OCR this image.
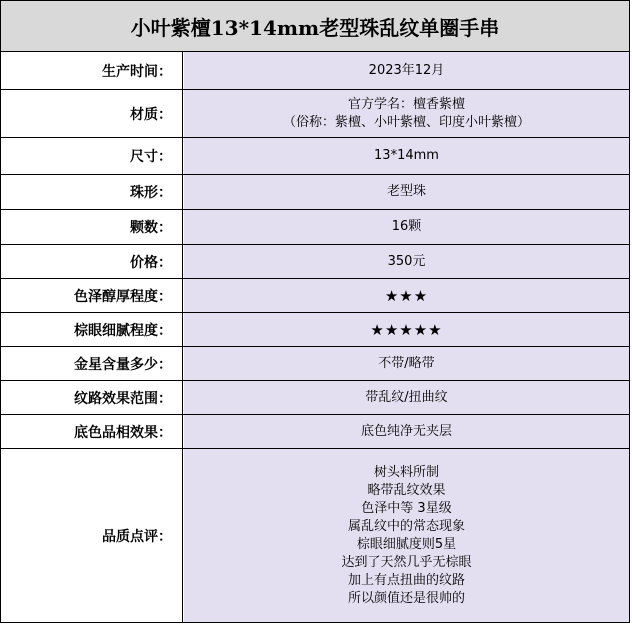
小叶紫檀13*14mm老型珠乱纹单圈手串
生产时间：	2023年12月
材质：
官方学名：檀香紫檀
（俗称：紫檀、小叶紫檀、印度小叶紫檀）
尺寸：	13*14mm
珠形：	老型珠
颗数：	16颗
价格：	350元
色泽醇厚程度：	★★★
棕眼细腻程度：	★★★★★
金星含量多少：	不带/略带
纹路效果范围：	带乱纹/扭曲纹
底色品相效果：	底色纯净无夹层
品质点评：
树头料所制
略带乱纹效果
色泽中等 3星级
属乱纹中的常态现象
棕眼细腻度则5星
达到了天然几乎无棕眼
加上有点扭曲的纹路
所以颜值还是很帅的
